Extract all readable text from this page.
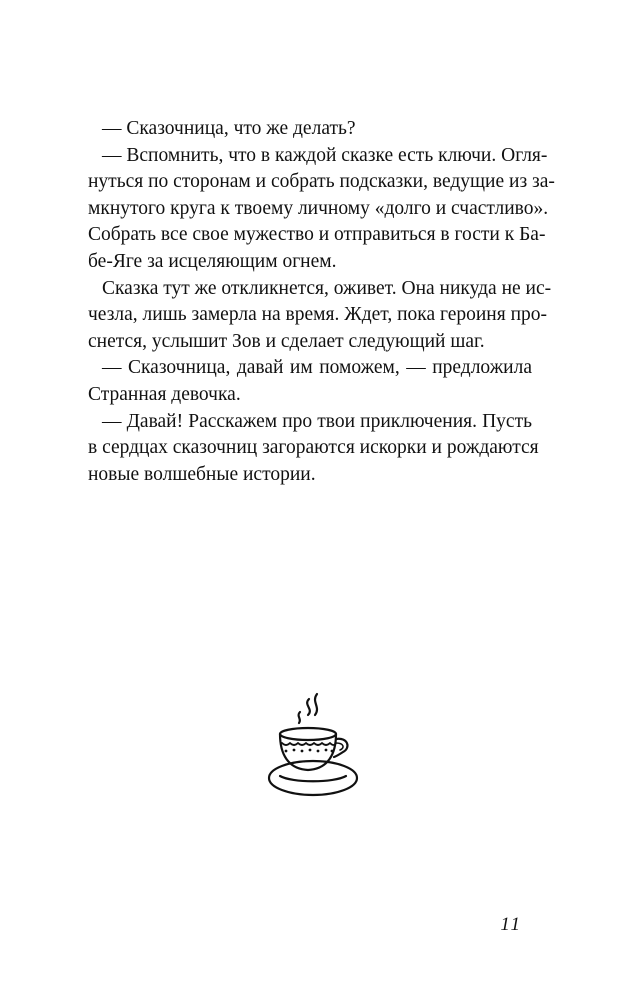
— Сказочница, что же делать?
— Вспомнить, что в каждой сказке есть ключи. Огля-
нуться по сторонам и собрать подсказки, ведущие из за-
мкнутого круга к твоему личному «долго и счастливо».
Собрать все свое мужество и отправиться в гости к Ба-
бе-Яге за исцеляющим огнем.
Сказка тут же откликнется, оживет. Она никуда не ис-
чезла, лишь замерла на время. Ждет, пока героиня про-
снется, услышит Зов и сделает следующий шаг.
— Сказочница, давай им поможем, — предложила
Странная девочка.
— Давай! Расскажем про твои приключения. Пусть
в сердцах сказочниц загораются искорки и рождаются
новые волшебные истории.
11
